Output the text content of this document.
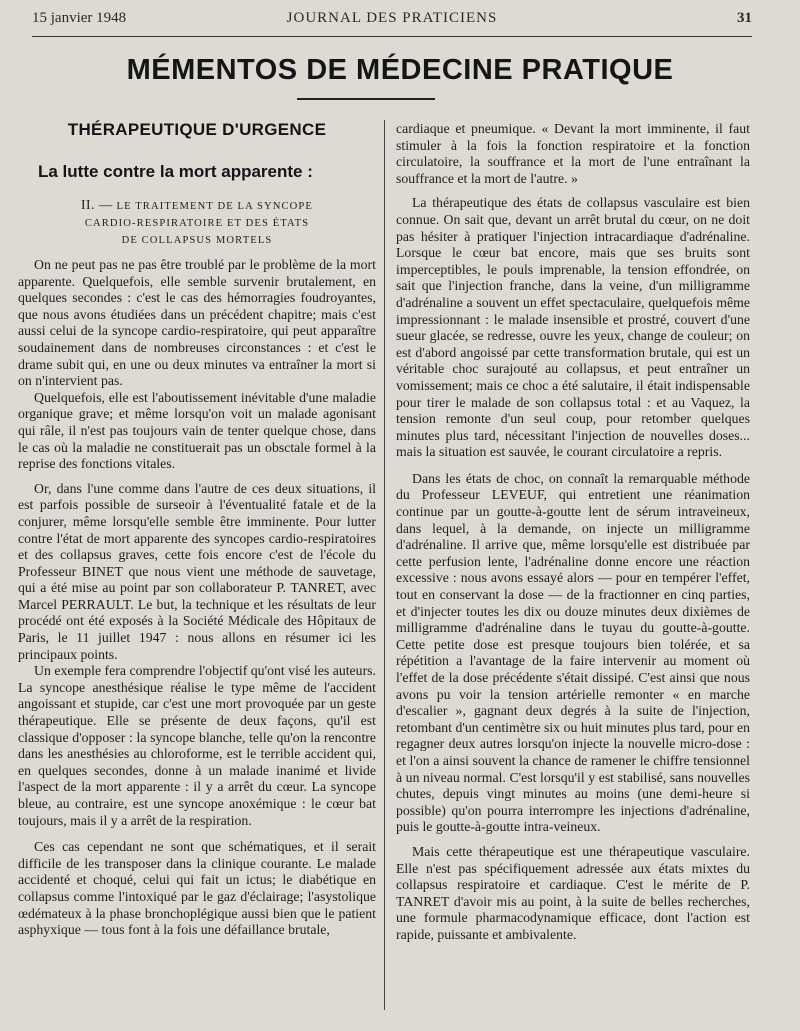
15 janvier 1948	JOURNAL DES PRATICIENS	31
MÉMENTOS DE MÉDECINE PRATIQUE
THÉRAPEUTIQUE D'URGENCE
La lutte contre la mort apparente :
II. — LE TRAITEMENT DE LA SYNCOPE
CARDIO-RESPIRATOIRE ET DES ÉTATS
DE COLLAPSUS MORTELS

On ne peut pas ne pas être troublé par le problème de la mort apparente. Quelquefois, elle semble survenir brutalement, en quelques secondes : c'est le cas des hémorragies foudroyantes, que nous avons étudiées dans un précédent chapitre; mais c'est aussi celui de la syncope cardio-respiratoire, qui peut apparaître soudainement dans de nombreuses circonstances : et c'est le drame subit qui, en une ou deux minutes va entraîner la mort si on n'intervient pas.

Quelquefois, elle est l'aboutissement inévitable d'une maladie organique grave; et même lorsqu'on voit un malade agonisant qui râle, il n'est pas toujours vain de tenter quelque chose, dans le cas où la maladie ne constituerait pas un obsctale formel à la reprise des fonctions vitales.

Or, dans l'une comme dans l'autre de ces deux situations, il est parfois possible de surseoir à l'éventualité fatale et de la conjurer, même lorsqu'elle semble être imminente. Pour lutter contre l'état de mort apparente des syncopes cardio-respiratoires et des collapsus graves, cette fois encore c'est de l'école du Professeur BINET que nous vient une méthode de sauvetage, qui a été mise au point par son collaborateur P. TANRET, avec Marcel PERRAULT. Le but, la technique et les résultats de leur procédé ont été exposés à la Société Médicale des Hôpitaux de Paris, le 11 juillet 1947 : nous allons en résumer ici les principaux points.

Un exemple fera comprendre l'objectif qu'ont visé les auteurs. La syncope anesthésique réalise le type même de l'accident angoissant et stupide, car c'est une mort provoquée par un geste thérapeutique. Elle se présente de deux façons, qu'il est classique d'opposer : la syncope blanche, telle qu'on la rencontre dans les anesthésies au chloroforme, est le terrible accident qui, en quelques secondes, donne à un malade inanimé et livide l'aspect de la mort apparente : il y a arrêt du cœur. La syncope bleue, au contraire, est une syncope anoxémique : le cœur bat toujours, mais il y a arrêt de la respiration.

Ces cas cependant ne sont que schématiques, et il serait difficile de les transposer dans la clinique courante. Le malade accidenté et choqué, celui qui fait un ictus; le diabétique en collapsus comme l'intoxiqué par le gaz d'éclairage; l'asystolique œdémateux à la phase bronchoplégique aussi bien que le patient asphyxique — tous font à la fois une défaillance brutale,

cardiaque et pneumique. « Devant la mort imminente, il faut stimuler à la fois la fonction respiratoire et la fonction circulatoire, la souffrance et la mort de l'une entraînant la souffrance et la mort de l'autre. »

La thérapeutique des états de collapsus vasculaire est bien connue. On sait que, devant un arrêt brutal du cœur, on ne doit pas hésiter à pratiquer l'injection intracardiaque d'adrénaline. Lorsque le cœur bat encore, mais que ses bruits sont imperceptibles, le pouls imprenable, la tension effondrée, on sait que l'injection franche, dans la veine, d'un milligramme d'adrénaline a souvent un effet spectaculaire, quelquefois même impressionnant : le malade insensible et prostré, couvert d'une sueur glacée, se redresse, ouvre les yeux, change de couleur; on est d'abord angoissé par cette transformation brutale, qui est un véritable choc surajouté au collapsus, et peut entraîner un vomissement; mais ce choc a été salutaire, il était indispensable pour tirer le malade de son collapsus total : et au Vaquez, la tension remonte d'un seul coup, pour retomber quelques minutes plus tard, nécessitant l'injection de nouvelles doses... mais la situation est sauvée, le courant circulatoire a repris.

Dans les états de choc, on connaît la remarquable méthode du Professeur LEVEUF, qui entretient une réanimation continue par un goutte-à-goutte lent de sérum intraveineux, dans lequel, à la demande, on injecte un milligramme d'adrénaline. Il arrive que, même lorsqu'elle est distribuée par cette perfusion lente, l'adrénaline donne encore une réaction excessive : nous avons essayé alors — pour en tempérer l'effet, tout en conservant la dose — de la fractionner en cinq parties, et d'injecter toutes les dix ou douze minutes deux dixièmes de milligramme d'adrénaline dans le tuyau du goutte-à-goutte. Cette petite dose est presque toujours bien tolérée, et sa répétition a l'avantage de la faire intervenir au moment où l'effet de la dose précédente s'était dissipé. C'est ainsi que nous avons pu voir la tension artérielle remonter « en marche d'escalier », gagnant deux degrés à la suite de l'injection, retombant d'un centimètre six ou huit minutes plus tard, pour en regagner deux autres lorsqu'on injecte la nouvelle micro-dose : et l'on a ainsi souvent la chance de ramener le chiffre tensionnel à un niveau normal. C'est lorsqu'il y est stabilisé, sans nouvelles chutes, depuis vingt minutes au moins (une demi-heure si possible) qu'on pourra interrompre les injections d'adrénaline, puis le goutte-à-goutte intra-veineux.

Mais cette thérapeutique est une thérapeutique vasculaire. Elle n'est pas spécifiquement adressée aux états mixtes du collapsus respiratoire et cardiaque. C'est le mérite de P. TANRET d'avoir mis au point, à la suite de belles recherches, une formule pharmacodynamique efficace, dont l'action est rapide, puissante et ambivalente.
